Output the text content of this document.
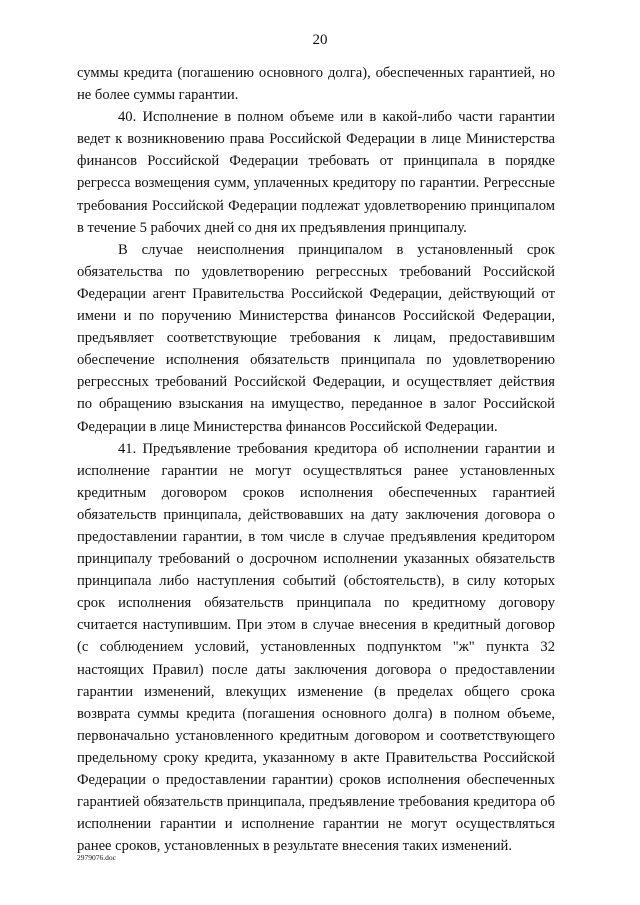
20

суммы кредита (погашению основного долга), обеспеченных гарантией, но не более суммы гарантии.

40. Исполнение в полном объеме или в какой-либо части гарантии ведет к возникновению права Российской Федерации в лице Министерства финансов Российской Федерации требовать от принципала в порядке регресса возмещения сумм, уплаченных кредитору по гарантии. Регрессные требования Российской Федерации подлежат удовлетворению принципалом в течение 5 рабочих дней со дня их предъявления принципалу.

В случае неисполнения принципалом в установленный срок обязательства по удовлетворению регрессных требований Российской Федерации агент Правительства Российской Федерации, действующий от имени и по поручению Министерства финансов Российской Федерации, предъявляет соответствующие требования к лицам, предоставившим обеспечение исполнения обязательств принципала по удовлетворению регрессных требований Российской Федерации, и осуществляет действия по обращению взыскания на имущество, переданное в залог Российской Федерации в лице Министерства финансов Российской Федерации.

41. Предъявление требования кредитора об исполнении гарантии и исполнение гарантии не могут осуществляться ранее установленных кредитным договором сроков исполнения обеспеченных гарантией обязательств принципала, действовавших на дату заключения договора о предоставлении гарантии, в том числе в случае предъявления кредитором принципалу требований о досрочном исполнении указанных обязательств принципала либо наступления событий (обстоятельств), в силу которых срок исполнения обязательств принципала по кредитному договору считается наступившим. При этом в случае внесения в кредитный договор (с соблюдением условий, установленных подпунктом "ж" пункта 32 настоящих Правил) после даты заключения договора о предоставлении гарантии изменений, влекущих изменение (в пределах общего срока возврата суммы кредита (погашения основного долга) в полном объеме, первоначально установленного кредитным договором и соответствующего предельному сроку кредита, указанному в акте Правительства Российской Федерации о предоставлении гарантии) сроков исполнения обеспеченных гарантией обязательств принципала, предъявление требования кредитора об исполнении гарантии и исполнение гарантии не могут осуществляться ранее сроков, установленных в результате внесения таких изменений.

2979076.doc
